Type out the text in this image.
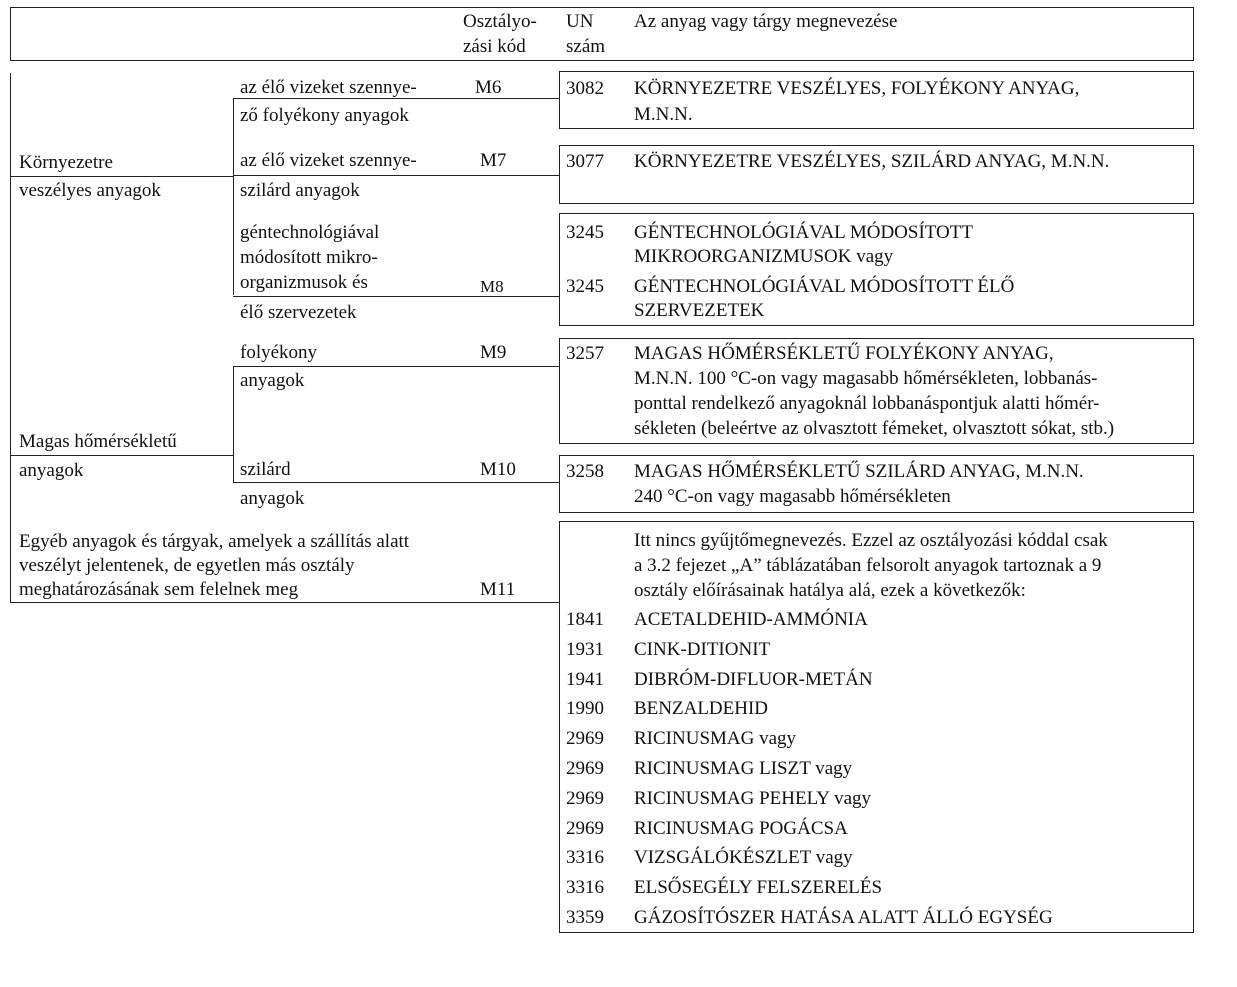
Osztályo-
zási kód
UN
szám
Az anyag vagy tárgy megnevezése
Környezetre
veszélyes anyagok
Magas hőmérsékletű
anyagok
Egyéb anyagok és tárgyak, amelyek a szállítás alatt
veszélyt jelentenek, de egyetlen más osztály
meghatározásának sem felelnek meg
az élő vizeket szennye-
ző folyékony anyagok
az élő vizeket szennye-
szilárd anyagok
géntechnológiával
módosított mikro-
organizmusok és
élő szervezetek
folyékony
anyagok
szilárd
anyagok
M6
M7
M8
M9
M10
M11
3082 KÖRNYEZETRE VESZÉLYES, FOLYÉKONY ANYAG,
M.N.N.
3077 KÖRNYEZETRE VESZÉLYES, SZILÁRD ANYAG, M.N.N.
3245 GÉNTECHNOLÓGIÁVAL MÓDOSÍTOTT
MIKROORGANIZMUSOK vagy
3245 GÉNTECHNOLÓGIÁVAL MÓDOSÍTOTT ÉLŐ
SZERVEZETEK
3257 MAGAS HŐMÉRSÉKLETŰ FOLYÉKONY ANYAG,
M.N.N. 100 °C-on vagy magasabb hőmérsékleten, lobbanás-
ponttal rendelkező anyagoknál lobbanáspontjuk alatti hőmér-
sékleten (beleértve az olvasztott fémeket, olvasztott sókat, stb.)
3258 MAGAS HŐMÉRSÉKLETŰ SZILÁRD ANYAG, M.N.N.
240 °C-on vagy magasabb hőmérsékleten
Itt nincs gyűjtőmegnevezés. Ezzel az osztályozási kóddal csak
a 3.2 fejezet „A” táblázatában felsorolt anyagok tartoznak a 9
osztály előírásainak hatálya alá, ezek a következők:
1841 ACETALDEHID-AMMÓNIA
1931 CINK-DITIONIT
1941 DIBRÓM-DIFLUOR-METÁN
1990 BENZALDEHID
2969 RICINUSMAG vagy
2969 RICINUSMAG LISZT vagy
2969 RICINUSMAG PEHELY vagy
2969 RICINUSMAG POGÁCSA
3316 VIZSGÁLÓKÉSZLET vagy
3316 ELSŐSEGÉLY FELSZERELÉS
3359 GÁZOSÍTÓSZER HATÁSA ALATT ÁLLÓ EGYSÉG
